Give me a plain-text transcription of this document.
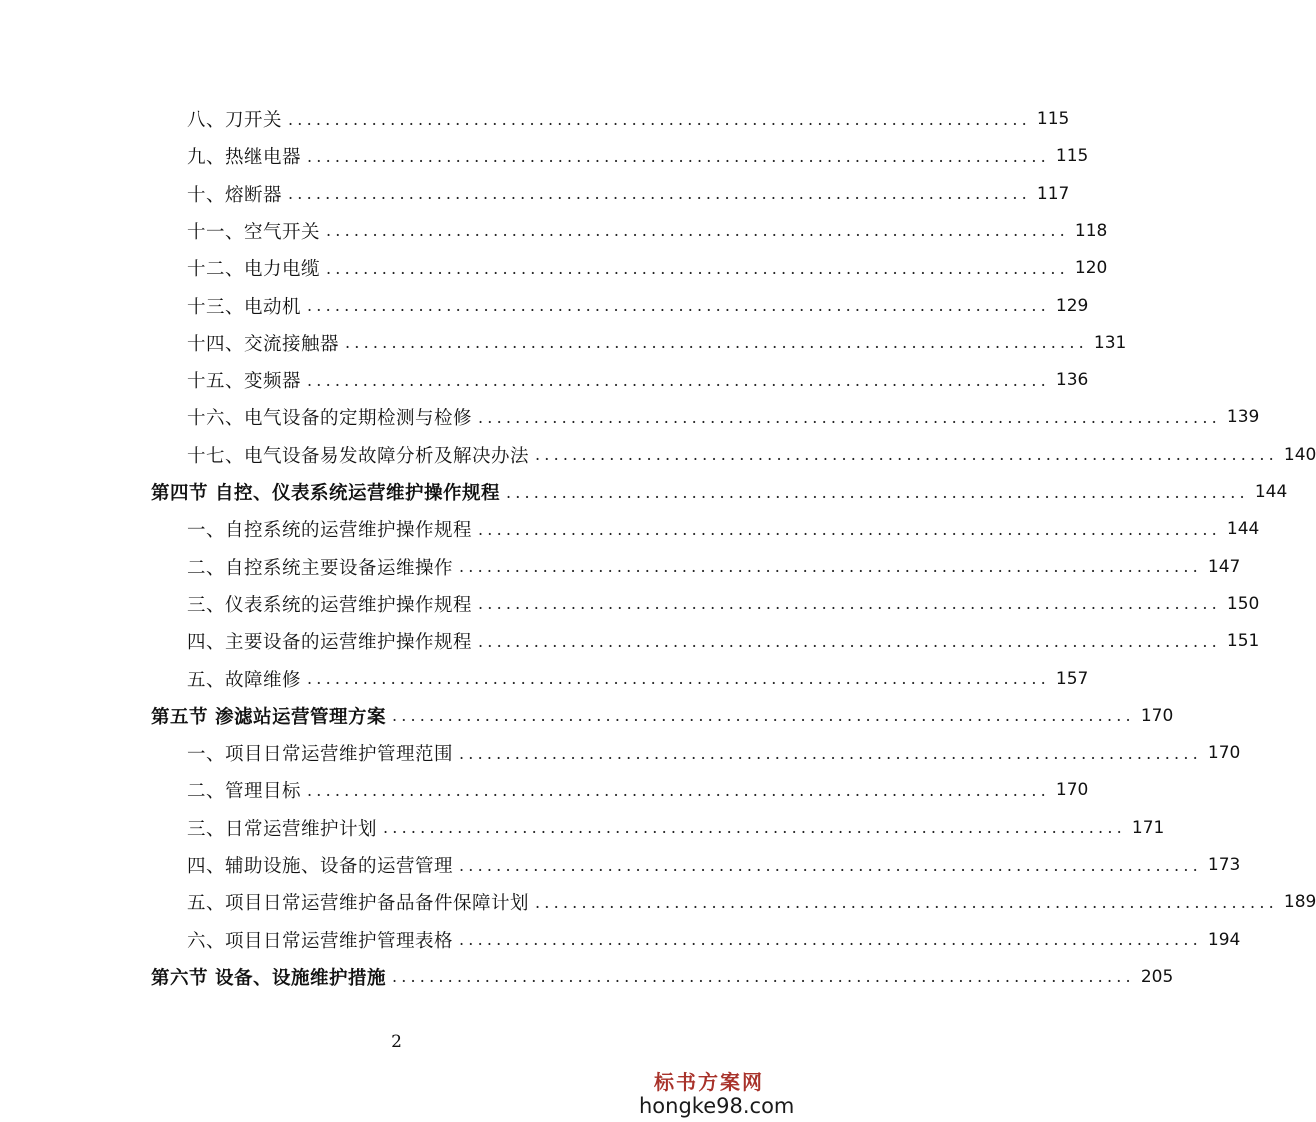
八、刀开关 ................................................................................ 115
九、热继电器 ................................................................................ 115
十、熔断器 ................................................................................ 117
十一、空气开关 ................................................................................ 118
十二、电力电缆 ................................................................................ 120
十三、电动机 ................................................................................ 129
十四、交流接触器 ................................................................................ 131
十五、变频器 ................................................................................ 136
十六、电气设备的定期检测与检修 ................................................................................ 139
十七、电气设备易发故障分析及解决办法 ................................................................................ 140
第四节 自控、仪表系统运营维护操作规程 ................................................................................ 144
一、自控系统的运营维护操作规程 ................................................................................ 144
二、自控系统主要设备运维操作 ................................................................................ 147
三、仪表系统的运营维护操作规程 ................................................................................ 150
四、主要设备的运营维护操作规程 ................................................................................ 151
五、故障维修 ................................................................................ 157
第五节 渗滤站运营管理方案 ................................................................................ 170
一、项目日常运营维护管理范围 ................................................................................ 170
二、管理目标 ................................................................................ 170
三、日常运营维护计划 ................................................................................ 171
四、辅助设施、设备的运营管理 ................................................................................ 173
五、项目日常运营维护备品备件保障计划 ................................................................................ 189
六、项目日常运营维护管理表格 ................................................................................ 194
第六节 设备、设施维护措施 ................................................................................ 205
2
标书方案网
hongke98.com
